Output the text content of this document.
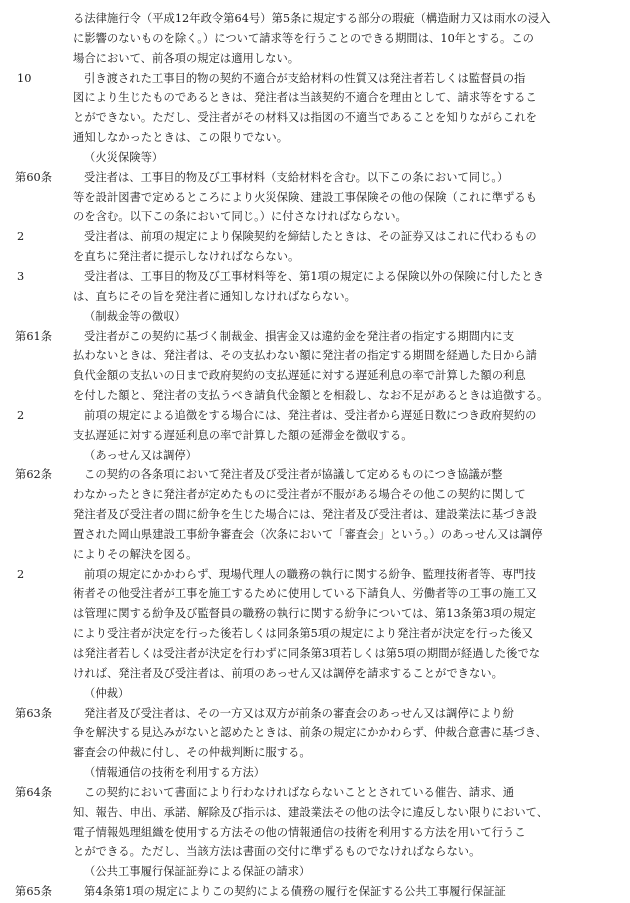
る法律施行令（平成12年政令第64号）第5条に規定する部分の瑕疵（構造耐力又は雨水の浸入
に影響のないものを除く。）について請求等を行うことのできる期間は、10年とする。この
場合において、前各項の規定は適用しない。
10	引き渡された工事目的物の契約不適合が支給材料の性質又は発注者若しくは監督員の指
図により生じたものであるときは、発注者は当該契約不適合を理由として、請求等をするこ
とができない。ただし、受注者がその材料又は指図の不適当であることを知りながらこれを
通知しなかったときは、この限りでない。
（火災保険等）
第60条	受注者は、工事目的物及び工事材料（支給材料を含む。以下この条において同じ。）
等を設計図書で定めるところにより火災保険、建設工事保険その他の保険（これに準ずるも
のを含む。以下この条において同じ。）に付さなければならない。
2	受注者は、前項の規定により保険契約を締結したときは、その証券又はこれに代わるもの
を直ちに発注者に提示しなければならない。
3	受注者は、工事目的物及び工事材料等を、第1項の規定による保険以外の保険に付したとき
は、直ちにその旨を発注者に通知しなければならない。
（制裁金等の徴収）
第61条	受注者がこの契約に基づく制裁金、損害金又は違約金を発注者の指定する期間内に支
払わないときは、発注者は、その支払わない額に発注者の指定する期間を経過した日から請
負代金額の支払いの日まで政府契約の支払遅延に対する遅延利息の率で計算した額の利息
を付した額と、発注者の支払うべき請負代金額とを相殺し、なお不足があるときは追徴する。
2	前項の規定による追徴をする場合には、発注者は、受注者から遅延日数につき政府契約の
支払遅延に対する遅延利息の率で計算した額の延滞金を徴収する。
（あっせん又は調停）
第62条	この契約の各条項において発注者及び受注者が協議して定めるものにつき協議が整
わなかったときに発注者が定めたものに受注者が不服がある場合その他この契約に関して
発注者及び受注者の間に紛争を生じた場合には、発注者及び受注者は、建設業法に基づき設
置された岡山県建設工事紛争審査会（次条において「審査会」という。）のあっせん又は調停
によりその解決を図る。
2	前項の規定にかかわらず、現場代理人の職務の執行に関する紛争、監理技術者等、専門技
術者その他受注者が工事を施工するために使用している下請負人、労働者等の工事の施工又
は管理に関する紛争及び監督員の職務の執行に関する紛争については、第13条第3項の規定
により受注者が決定を行った後若しくは同条第5項の規定により発注者が決定を行った後又
は発注者若しくは受注者が決定を行わずに同条第3項若しくは第5項の期間が経過した後でな
ければ、発注者及び受注者は、前項のあっせん又は調停を請求することができない。
（仲裁）
第63条	発注者及び受注者は、その一方又は双方が前条の審査会のあっせん又は調停により紛
争を解決する見込みがないと認めたときは、前条の規定にかかわらず、仲裁合意書に基づき、
審査会の仲裁に付し、その仲裁判断に服する。
（情報通信の技術を利用する方法）
第64条	この契約において書面により行わなければならないこととされている催告、請求、通
知、報告、申出、承諾、解除及び指示は、建設業法その他の法令に違反しない限りにおいて、
電子情報処理組織を使用する方法その他の情報通信の技術を利用する方法を用いて行うこ
とができる。ただし、当該方法は書面の交付に準ずるものでなければならない。
（公共工事履行保証証券による保証の請求）
第65条	第4条第1項の規定によりこの契約による債務の履行を保証する公共工事履行保証証
